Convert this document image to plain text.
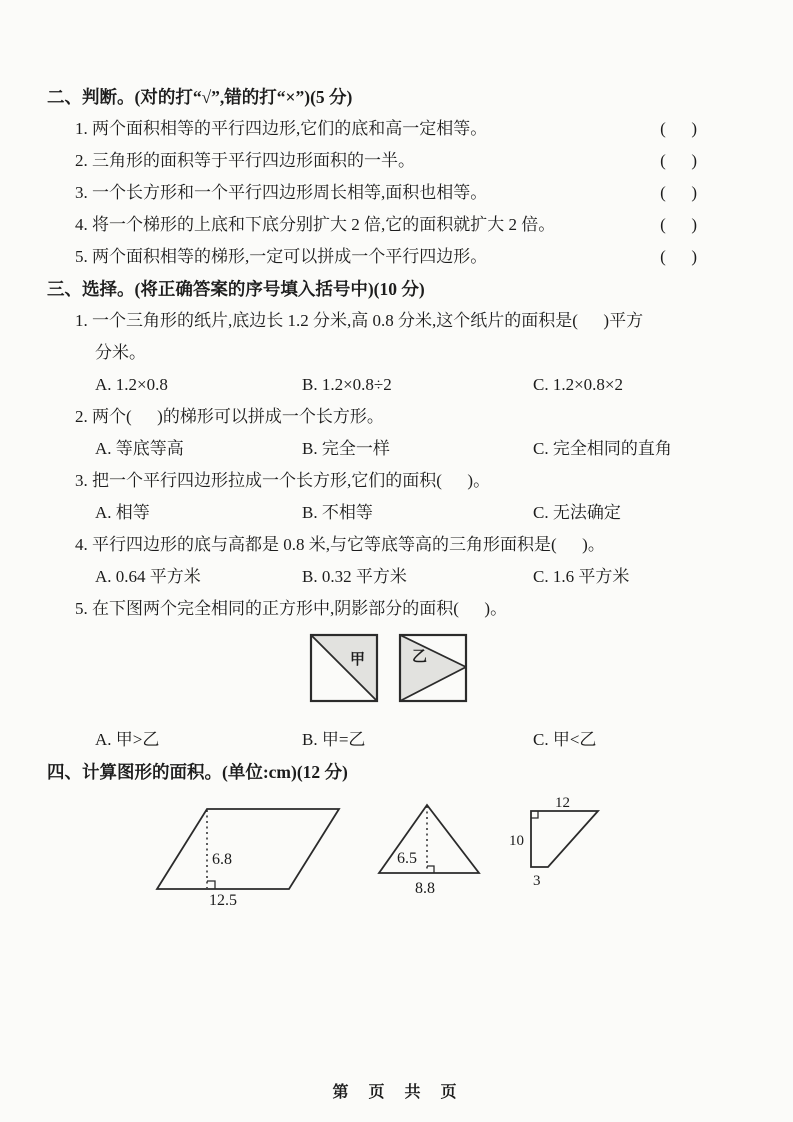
二、判断。(对的打“√”,错的打“×”)(5 分)

1. 两个面积相等的平行四边形,它们的底和高一定相等。	(      )
2. 三角形的面积等于平行四边形面积的一半。	(      )
3. 一个长方形和一个平行四边形周长相等,面积也相等。	(      )
4. 将一个梯形的上底和下底分别扩大 2 倍,它的面积就扩大 2 倍。	(      )
5. 两个面积相等的梯形,一定可以拼成一个平行四边形。	(      )

三、选择。(将正确答案的序号填入括号中)(10 分)

1. 一个三角形的纸片,底边长 1.2 分米,高 0.8 分米,这个纸片的面积是(      )平方

分米。

A. 1.2×0.8	B. 1.2×0.8÷2	C. 1.2×0.8×2

2. 两个(      )的梯形可以拼成一个长方形。

A. 等底等高	B. 完全一样	C. 完全相同的直角

3. 把一个平行四边形拉成一个长方形,它们的面积(      )。

A. 相等	B. 不相等	C. 无法确定

4. 平行四边形的底与高都是 0.8 米,与它等底等高的三角形面积是(      )。

A. 0.64 平方米	B. 0.32 平方米	C. 1.6 平方米

5. 在下图两个完全相同的正方形中,阴影部分的面积(      )。

甲	乙
A. 甲>乙	B. 甲=乙	C. 甲<乙

四、计算图形的面积。(单位:cm)(12 分)

6.8
12.5
6.5
8.8
12
10
3
第  页  共  页
